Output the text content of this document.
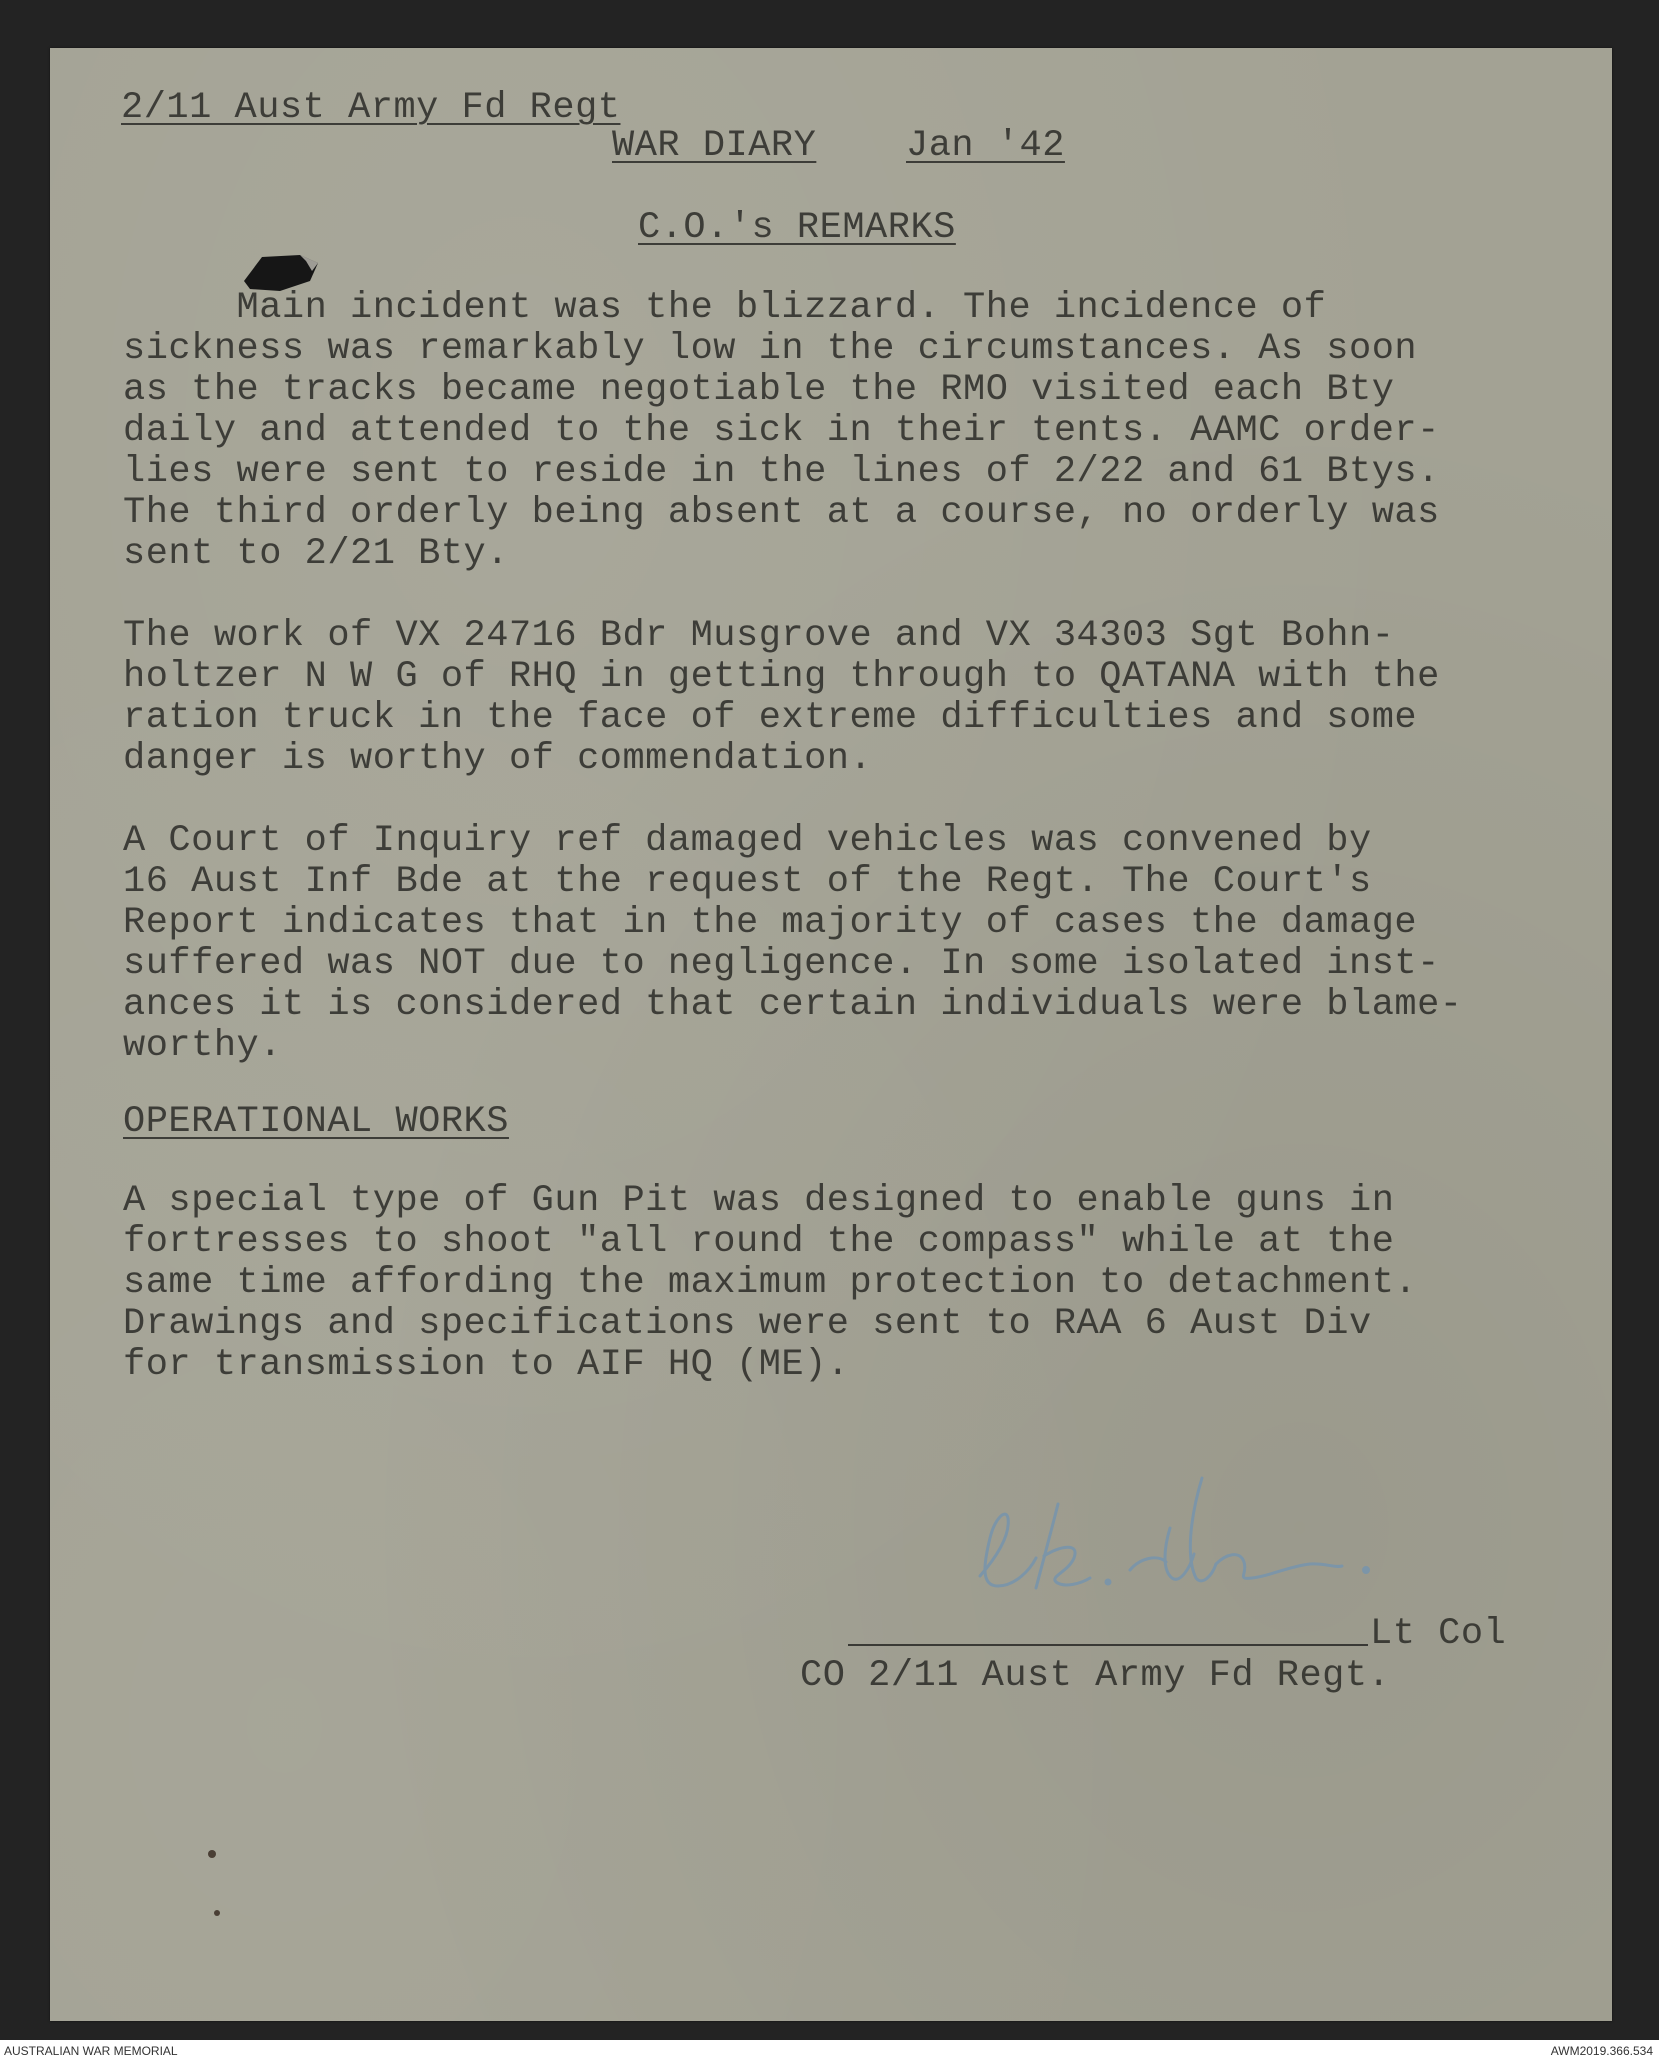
2/11 Aust Army Fd Regt

WAR DIARY Jan '42

C.O.'s REMARKS

Main incident was the blizzard. The incidence of

sickness was remarkably low in the circumstances. As soon

as the tracks became negotiable the RMO visited each Bty

daily and attended to the sick in their tents. AAMC order-

lies were sent to reside in the lines of 2/22 and 61 Btys.

The third orderly being absent at a course, no orderly was

sent to 2/21 Bty.

The work of VX 24716 Bdr Musgrove and VX 34303 Sgt Bohn-

holtzer N W G of RHQ in getting through to QATANA with the

ration truck in the face of extreme difficulties and some

danger is worthy of commendation.

A Court of Inquiry ref damaged vehicles was convened by

16 Aust Inf Bde at the request of the Regt. The Court's

Report indicates that in the majority of cases the damage

suffered was NOT due to negligence. In some isolated inst-

ances it is considered that certain individuals were blame-

worthy.

OPERATIONAL WORKS

A special type of Gun Pit was designed to enable guns in

fortresses to shoot "all round the compass" while at the

same time affording the maximum protection to detachment.

Drawings and specifications were sent to RAA 6 Aust Div

for transmission to AIF HQ (ME).

Lt Col

CO 2/11 Aust Army Fd Regt.

AUSTRALIAN WAR MEMORIAL	AWM2019.366.534
